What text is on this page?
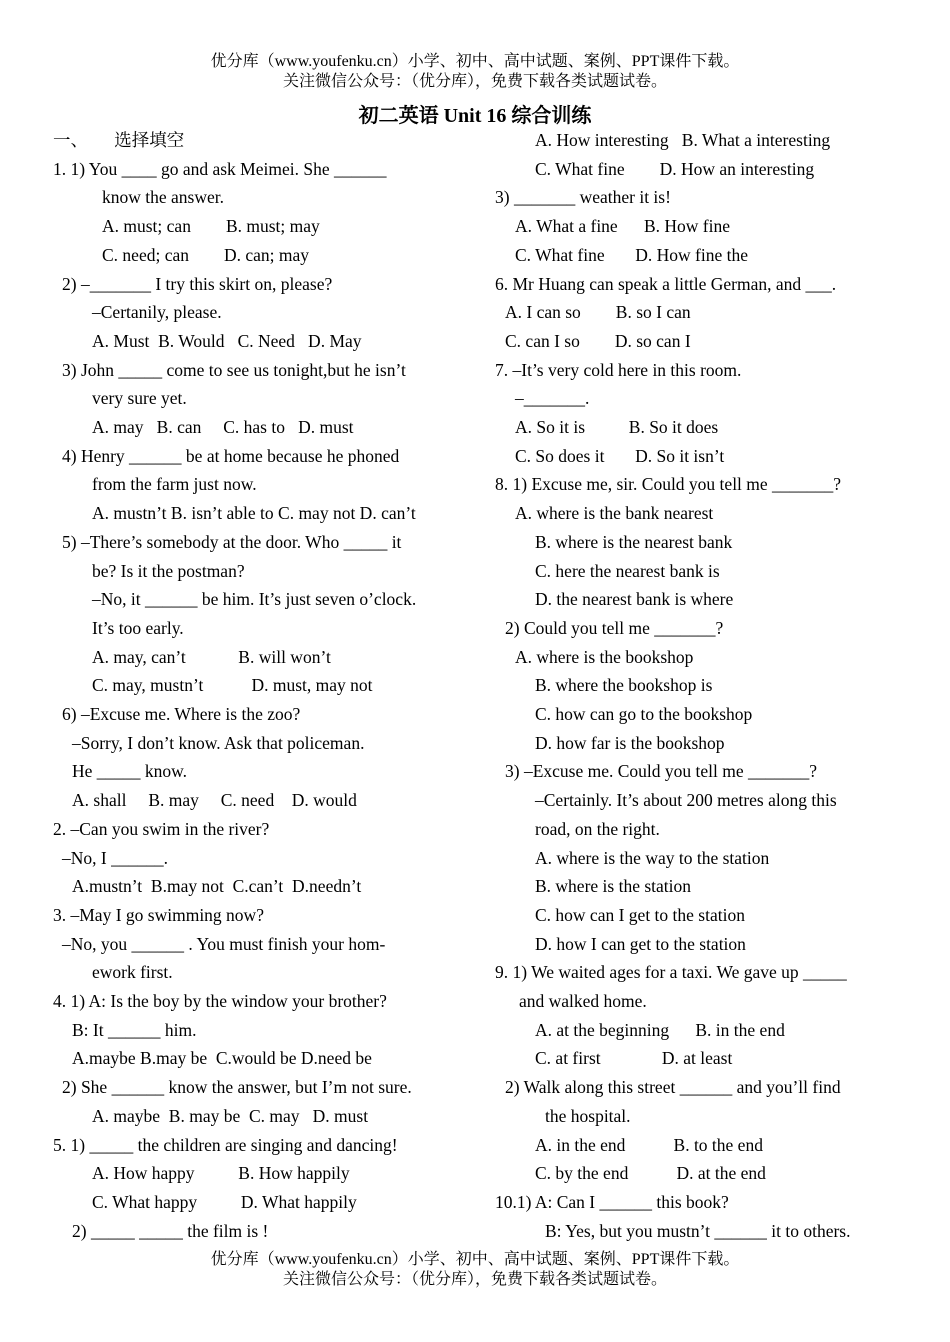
优分库（www.youfenku.cn）小学、初中、高中试题、案例、PPT课件下载。
关注微信公众号：（优分库），免费下载各类试题试卷。
初二英语 Unit 16 综合训练
一、      选择填空
1. 1) You ____ go and ask Meimei. She ______
know the answer.
A. must; can        B. must; may
C. need; can        D. can; may
2) –_______ I try this skirt on, please?
–Certanily, please.
A. Must  B. Would   C. Need   D. May
3) John _____ come to see us tonight,but he isn’t
very sure yet.
A. may   B. can     C. has to   D. must
4) Henry ______ be at home because he phoned
from the farm just now.
A. mustn’t B. isn’t able to C. may not D. can’t
5) –There’s somebody at the door. Who _____ it
be? Is it the postman?
–No, it ______ be him. It’s just seven o’clock.
It’s too early.
A. may, can’t            B. will won’t
C. may, mustn’t           D. must, may not
6) –Excuse me. Where is the zoo?
–Sorry, I don’t know. Ask that policeman.
He _____ know.
A. shall     B. may     C. need    D. would
2. –Can you swim in the river?
–No, I ______.
A.mustn’t  B.may not  C.can’t  D.needn’t
3. –May I go swimming now?
–No, you ______ . You must finish your hom-
ework first.
4. 1) A: Is the boy by the window your brother?
B: It ______ him.
A.maybe B.may be  C.would be D.need be
2) She ______ know the answer, but I’m not sure.
A. maybe  B. may be  C. may   D. must
5. 1) _____ the children are singing and dancing!
A. How happy          B. How happily
C. What happy          D. What happily
2) _____ _____ the film is !
A. How interesting   B. What a interesting
C. What fine        D. How an interesting
3) _______ weather it is!
A. What a fine      B. How fine
C. What fine       D. How fine the
6. Mr Huang can speak a little German, and ___.
A. I can so        B. so I can
C. can I so        D. so can I
7. –It’s very cold here in this room.
–_______.
A. So it is          B. So it does
C. So does it       D. So it isn’t
8. 1) Excuse me, sir. Could you tell me _______?
A. where is the bank nearest
B. where is the nearest bank
C. here the nearest bank is
D. the nearest bank is where
2) Could you tell me _______?
A. where is the bookshop
B. where the bookshop is
C. how can go to the bookshop
D. how far is the bookshop
3) –Excuse me. Could you tell me _______?
–Certainly. It’s about 200 metres along this
road, on the right.
A. where is the way to the station
B. where is the station
C. how can I get to the station
D. how I can get to the station
9. 1) We waited ages for a taxi. We gave up _____
and walked home.
A. at the beginning      B. in the end
C. at first              D. at least
2) Walk along this street ______ and you’ll find
the hospital.
A. in the end           B. to the end
C. by the end           D. at the end
10.1) A: Can I ______ this book?
B: Yes, but you mustn’t ______ it to others.
优分库（www.youfenku.cn）小学、初中、高中试题、案例、PPT课件下载。
关注微信公众号：（优分库），免费下载各类试题试卷。
